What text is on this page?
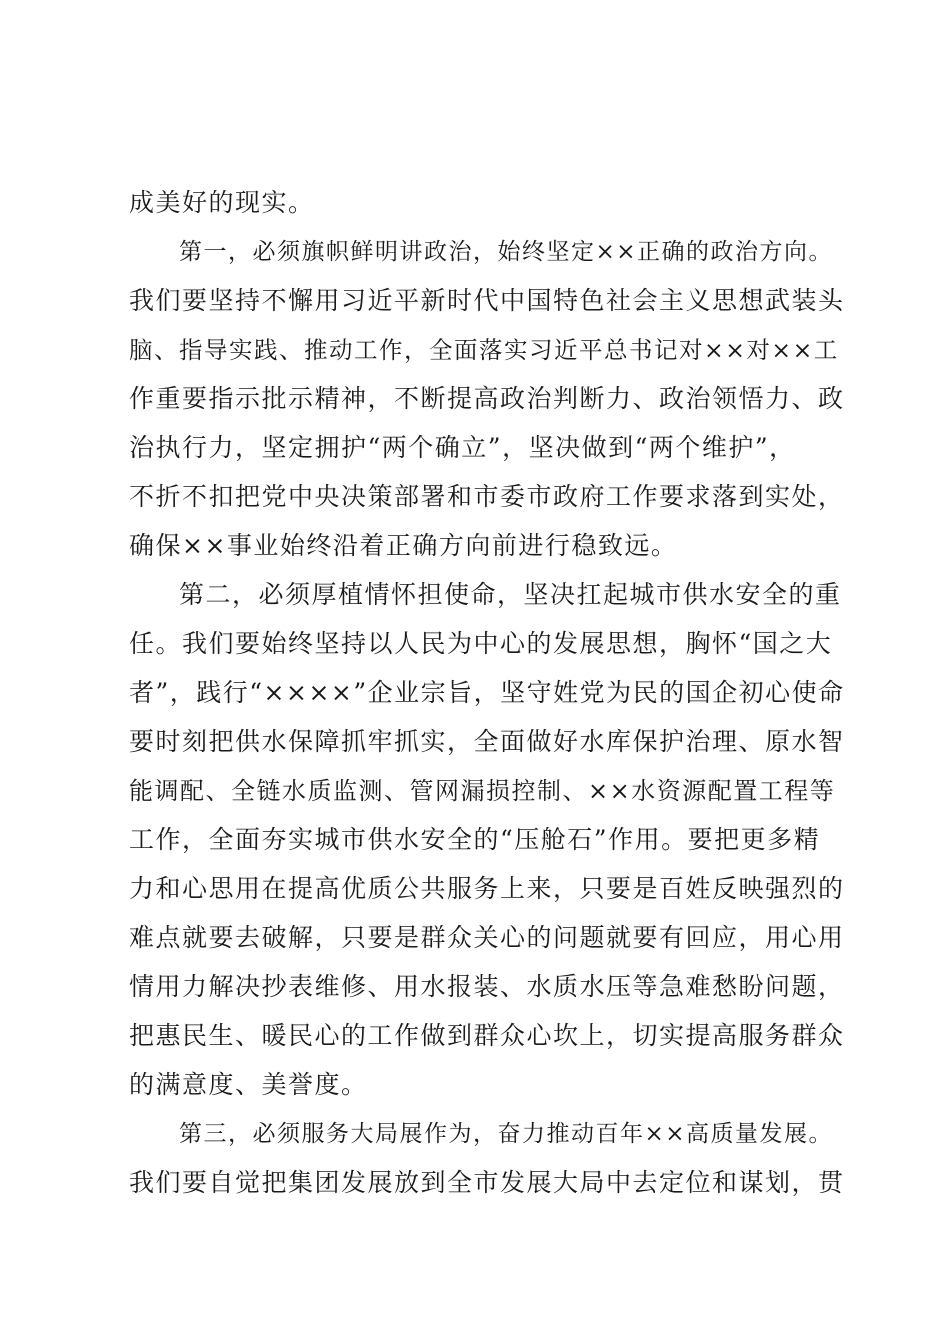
成美好的现实。
第一，必须旗帜鲜明讲政治，始终坚定××正确的政治方向。
我们要坚持不懈用习近平新时代中国特色社会主义思想武装头
脑、指导实践、推动工作，全面落实习近平总书记对××对××工
作重要指示批示精神，不断提高政治判断力、政治领悟力、政
治执行力，坚定拥护“两个确立”，坚决做到“两个维护”，
不折不扣把党中央决策部署和市委市政府工作要求落到实处，
确保××事业始终沿着正确方向前进行稳致远。
第二，必须厚植情怀担使命，坚决扛起城市供水安全的重
任。我们要始终坚持以人民为中心的发展思想，胸怀“国之大
者”，践行“××××”企业宗旨，坚守姓党为民的国企初心使命
要时刻把供水保障抓牢抓实，全面做好水库保护治理、原水智
能调配、全链水质监测、管网漏损控制、××水资源配置工程等
工作，全面夯实城市供水安全的“压舱石”作用。要把更多精
力和心思用在提高优质公共服务上来，只要是百姓反映强烈的
难点就要去破解，只要是群众关心的问题就要有回应，用心用
情用力解决抄表维修、用水报装、水质水压等急难愁盼问题，
把惠民生、暖民心的工作做到群众心坎上，切实提高服务群众
的满意度、美誉度。
第三，必须服务大局展作为，奋力推动百年××高质量发展。
我们要自觉把集团发展放到全市发展大局中去定位和谋划，贯
